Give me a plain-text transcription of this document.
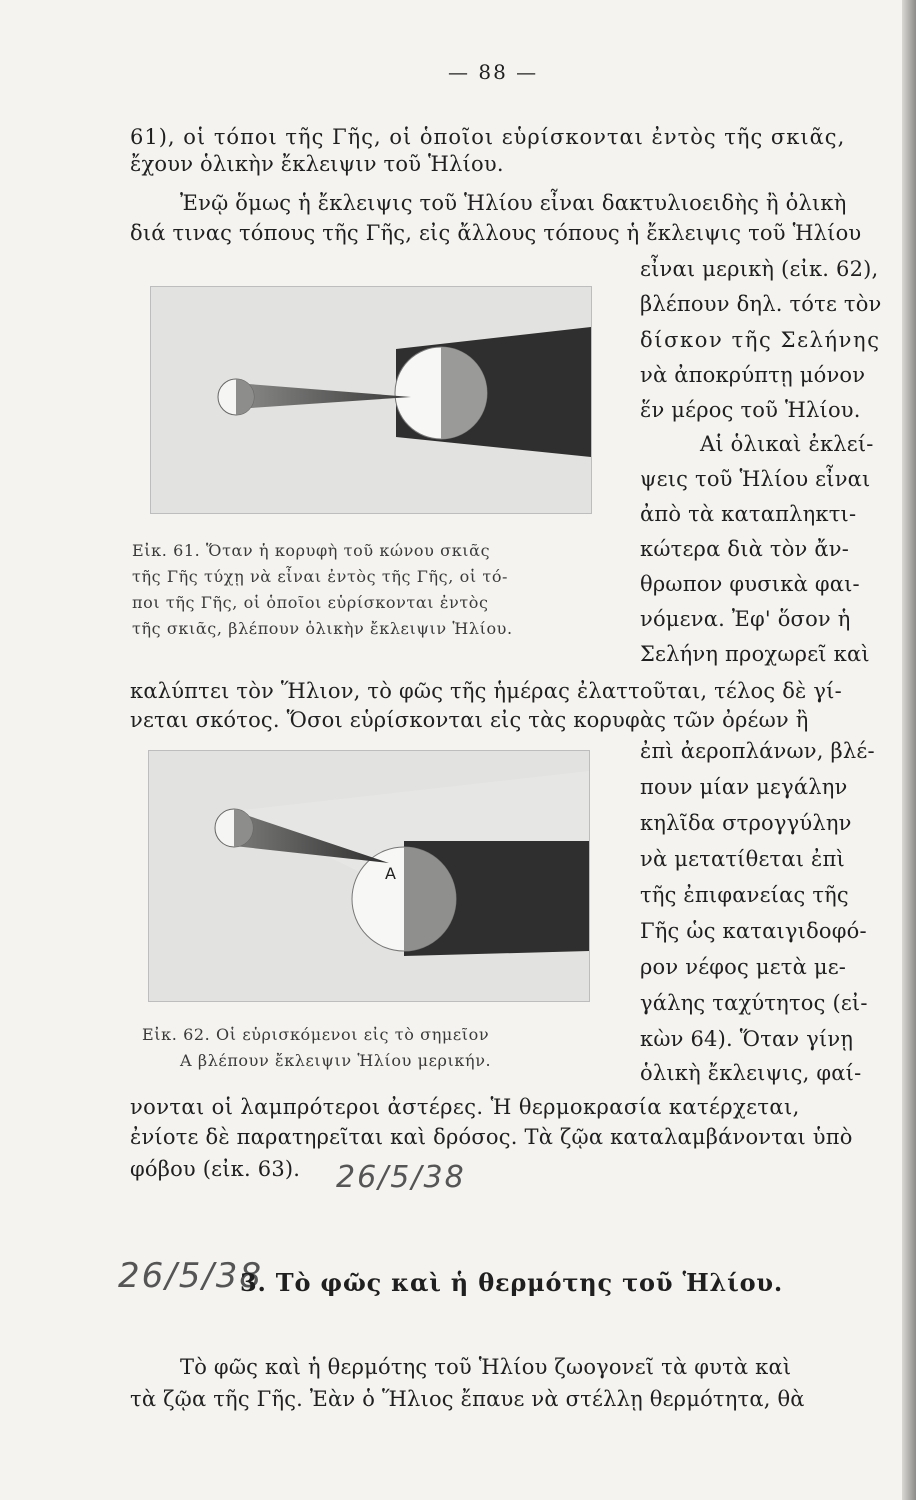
— 88 —
61), οἱ τόποι τῆς Γῆς, οἱ ὁποῖοι εὑρίσκονται ἐντὸς τῆς σκιᾶς,
ἔχουν ὁλικὴν ἔκλειψιν τοῦ Ἡλίου.
Ἐνῷ ὅμως ἡ ἔκλειψις τοῦ Ἡλίου εἶναι δακτυλιοειδὴς ἢ ὁλικὴ
διά τινας τόπους τῆς Γῆς, εἰς ἄλλους τόπους ἡ ἔκλειψις τοῦ Ἡλίου
εἶναι μερικὴ (εἰκ. 62),
βλέπουν δηλ. τότε τὸν
δίσκον τῆς Σελήνης
νὰ ἀποκρύπτῃ μόνον
ἕν μέρος τοῦ Ἡλίου.
Αἱ ὁλικαὶ ἐκλεί-
ψεις τοῦ Ἡλίου εἶναι
ἀπὸ τὰ καταπληκτι-
κώτερα διὰ τὸν ἄν-
θρωπον φυσικὰ φαι-
νόμενα. Ἐφ' ὅσον ἡ
Σελήνη προχωρεῖ καὶ
Εἰκ. 61. Ὅταν ἡ κορυφὴ τοῦ κώνου σκιᾶς
τῆς Γῆς τύχῃ νὰ εἶναι ἐντὸς τῆς Γῆς, οἱ τό-
ποι τῆς Γῆς, οἱ ὁποῖοι εὑρίσκονται ἐντὸς
τῆς σκιᾶς, βλέπουν ὁλικὴν ἔκλειψιν Ἡλίου.
καλύπτει τὸν Ἥλιον, τὸ φῶς τῆς ἡμέρας ἐλαττοῦται, τέλος δὲ γί-
νεται σκότος. Ὅσοι εὑρίσκονται εἰς τὰς κορυφὰς τῶν ὀρέων ἢ
A
ἐπὶ ἀεροπλάνων, βλέ-
πουν μίαν μεγάλην
κηλῖδα στρογγύλην
νὰ μετατίθεται ἐπὶ
τῆς ἐπιφανείας τῆς
Γῆς ὡς καταιγιδοφό-
ρον νέφος μετὰ με-
γάλης ταχύτητος (εἰ-
κὼν 64). Ὅταν γίνῃ
ὁλικὴ ἔκλειψις, φαί-
Εἰκ. 62. Οἱ εὑρισκόμενοι εἰς τὸ σημεῖον
Α βλέπουν ἔκλειψιν Ἡλίου μερικήν.
νονται οἱ λαμπρότεροι ἀστέρες. Ἡ θερμοκρασία κατέρχεται,
ἐνίοτε δὲ παρατηρεῖται καὶ δρόσος. Τὰ ζῷα καταλαμβάνονται ὑπὸ
φόβου (εἰκ. 63). 26/5/38
26/5/38
3. Τὸ φῶς καὶ ἡ θερμότης τοῦ Ἡλίου.
Τὸ φῶς καὶ ἡ θερμότης τοῦ Ἡλίου ζωογονεῖ τὰ φυτὰ καὶ
τὰ ζῷα τῆς Γῆς. Ἐὰν ὁ Ἥλιος ἔπαυε νὰ στέλλῃ θερμότητα, θὰ
